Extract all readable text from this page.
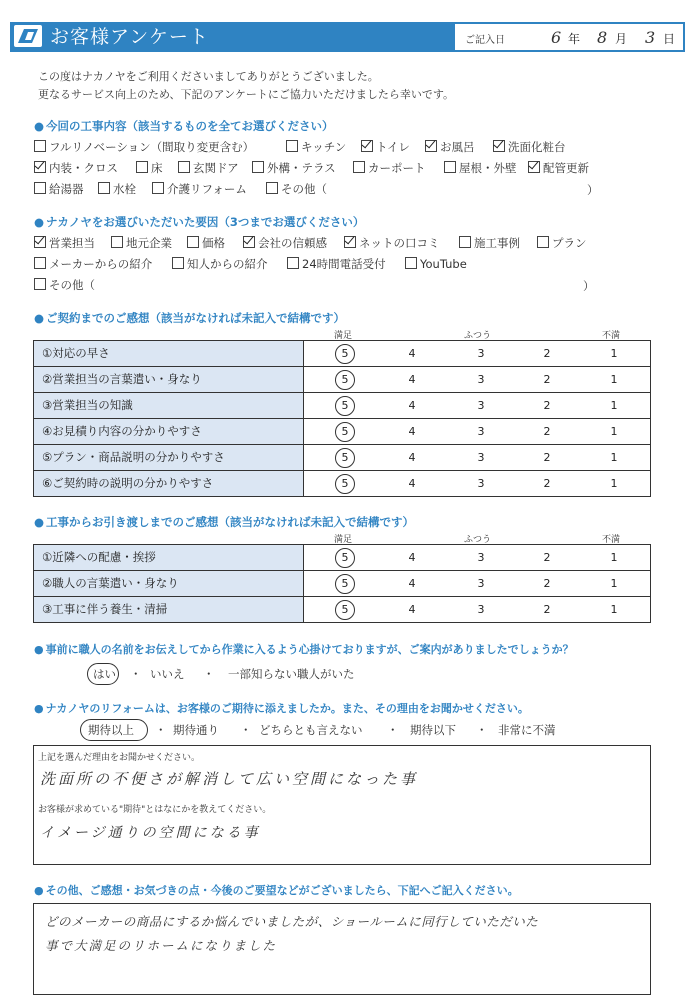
お客様アンケート	ご記入日	6 年 8 月 3 日
この度はナカノヤをご利用くださいましてありがとうございました。
更なるサービス向上のため、下記のアンケートにご協力いただけましたら幸いです。
● 今回の工事内容（該当するものを全てお選びください）
フルリノベーション（間取り変更含む）	キッチン	トイレ	お風呂	洗面化粧台
内装・クロス	床	玄関ドア	外構・テラス	カーポート	屋根・外壁	配管更新
給湯器	水栓	介護リフォーム	その他（	）
● ナカノヤをお選びいただいた要因（3つまでお選びください）
営業担当	地元企業	価格	会社の信頼感	ネットの口コミ	施工事例	プラン
メーカーからの紹介	知人からの紹介	24時間電話受付	YouTube
その他（	）
● ご契約までのご感想（該当がなければ未記入で結構です）
満足	ふつう	不満
①対応の早さ	5	4	3	2	1
②営業担当の言葉遣い・身なり	5	4	3	2	1
③営業担当の知識	5	4	3	2	1
④お見積り内容の分かりやすさ	5	4	3	2	1
⑤プラン・商品説明の分かりやすさ	5	4	3	2	1
⑥ご契約時の説明の分かりやすさ	5	4	3	2	1
● 工事からお引き渡しまでのご感想（該当がなければ未記入で結構です）
満足	ふつう	不満
①近隣への配慮・挨拶	5	4	3	2	1
②職人の言葉遣い・身なり	5	4	3	2	1
③工事に伴う養生・清掃	5	4	3	2	1
● 事前に職人の名前をお伝えしてから作業に入るよう心掛けておりますが、ご案内がありましたでしょうか？
はい ・ いいえ ・ 一部知らない職人がいた
● ナカノヤのリフォームは、お客様のご期待に添えましたか。また、その理由をお聞かせください。
期待以上 ・ 期待通り ・ どちらとも言えない ・ 期待以下 ・ 非常に不満
上記を選んだ理由をお聞かせください。
洗面所の不便さが解消して広い空間になった事
お客様が求めている"期待"とはなにかを教えてください。
イメージ通りの空間になる事
● その他、ご感想・お気づきの点・今後のご要望などがございましたら、下記へご記入ください。
どのメーカーの商品にするか悩んでいましたが、ショールームに同行していただいた
事で大満足のリホームになりました
